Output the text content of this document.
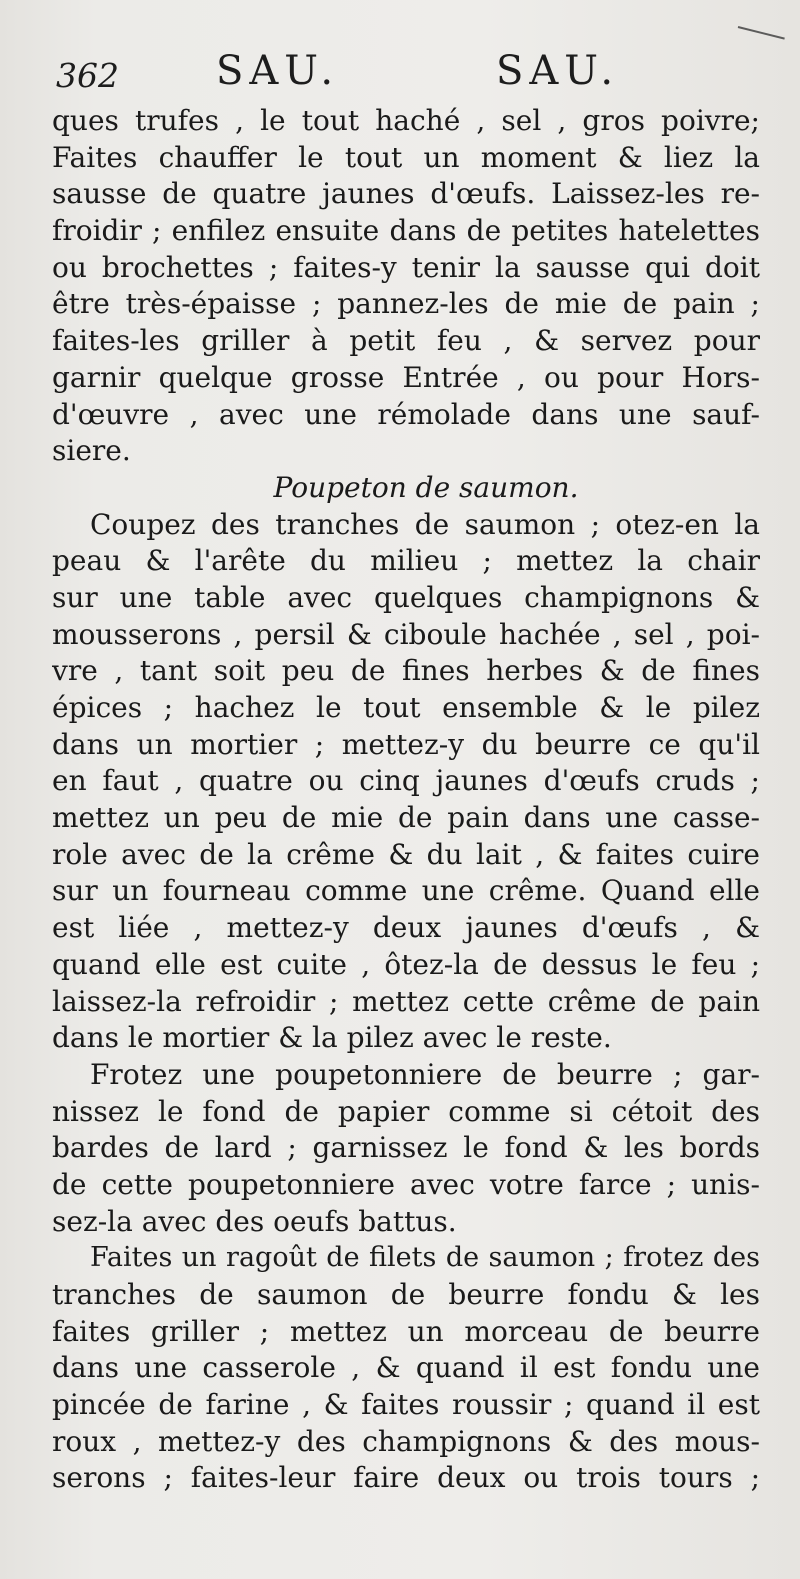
362 SAU.	SAU.
ques trufes , le tout haché , sel , gros poivre;
Faites chauffer le tout un moment & liez la
sausse de quatre jaunes d'œufs. Laissez-les re-
froidir ; enfilez ensuite dans de petites hatelettes
ou brochettes ; faites-y tenir la sausse qui doit
être très-épaisse ; pannez-les de mie de pain ;
faites-les griller à petit feu , & servez pour
garnir quelque grosse Entrée , ou pour Hors-
d'œuvre , avec une rémolade dans une sauf-
siere.
Poupeton de saumon.
Coupez des tranches de saumon ; otez-en la
peau & l'arête du milieu ; mettez la chair
sur une table avec quelques champignons &
mousserons , persil & ciboule hachée , sel , poi-
vre , tant soit peu de fines herbes & de fines
épices ; hachez le tout ensemble & le pilez
dans un mortier ; mettez-y du beurre ce qu'il
en faut , quatre ou cinq jaunes d'œufs cruds ;
mettez un peu de mie de pain dans une casse-
role avec de la crême & du lait , & faites cuire
sur un fourneau comme une crême. Quand elle
est liée , mettez-y deux jaunes d'œufs , &
quand elle est cuite , ôtez-la de dessus le feu ;
laissez-la refroidir ; mettez cette crême de pain
dans le mortier & la pilez avec le reste.
Frotez une poupetonniere de beurre ; gar-
nissez le fond de papier comme si cétoit des
bardes de lard ; garnissez le fond & les bords
de cette poupetonniere avec votre farce ; unis-
sez-la avec des oeufs battus.
Faites un ragoût de filets de saumon ; frotez des
tranches de saumon de beurre fondu & les
faites griller ; mettez un morceau de beurre
dans une casserole , & quand il est fondu une
pincée de farine , & faites roussir ; quand il est
roux , mettez-y des champignons & des mous-
serons ; faites-leur faire deux ou trois tours ;
